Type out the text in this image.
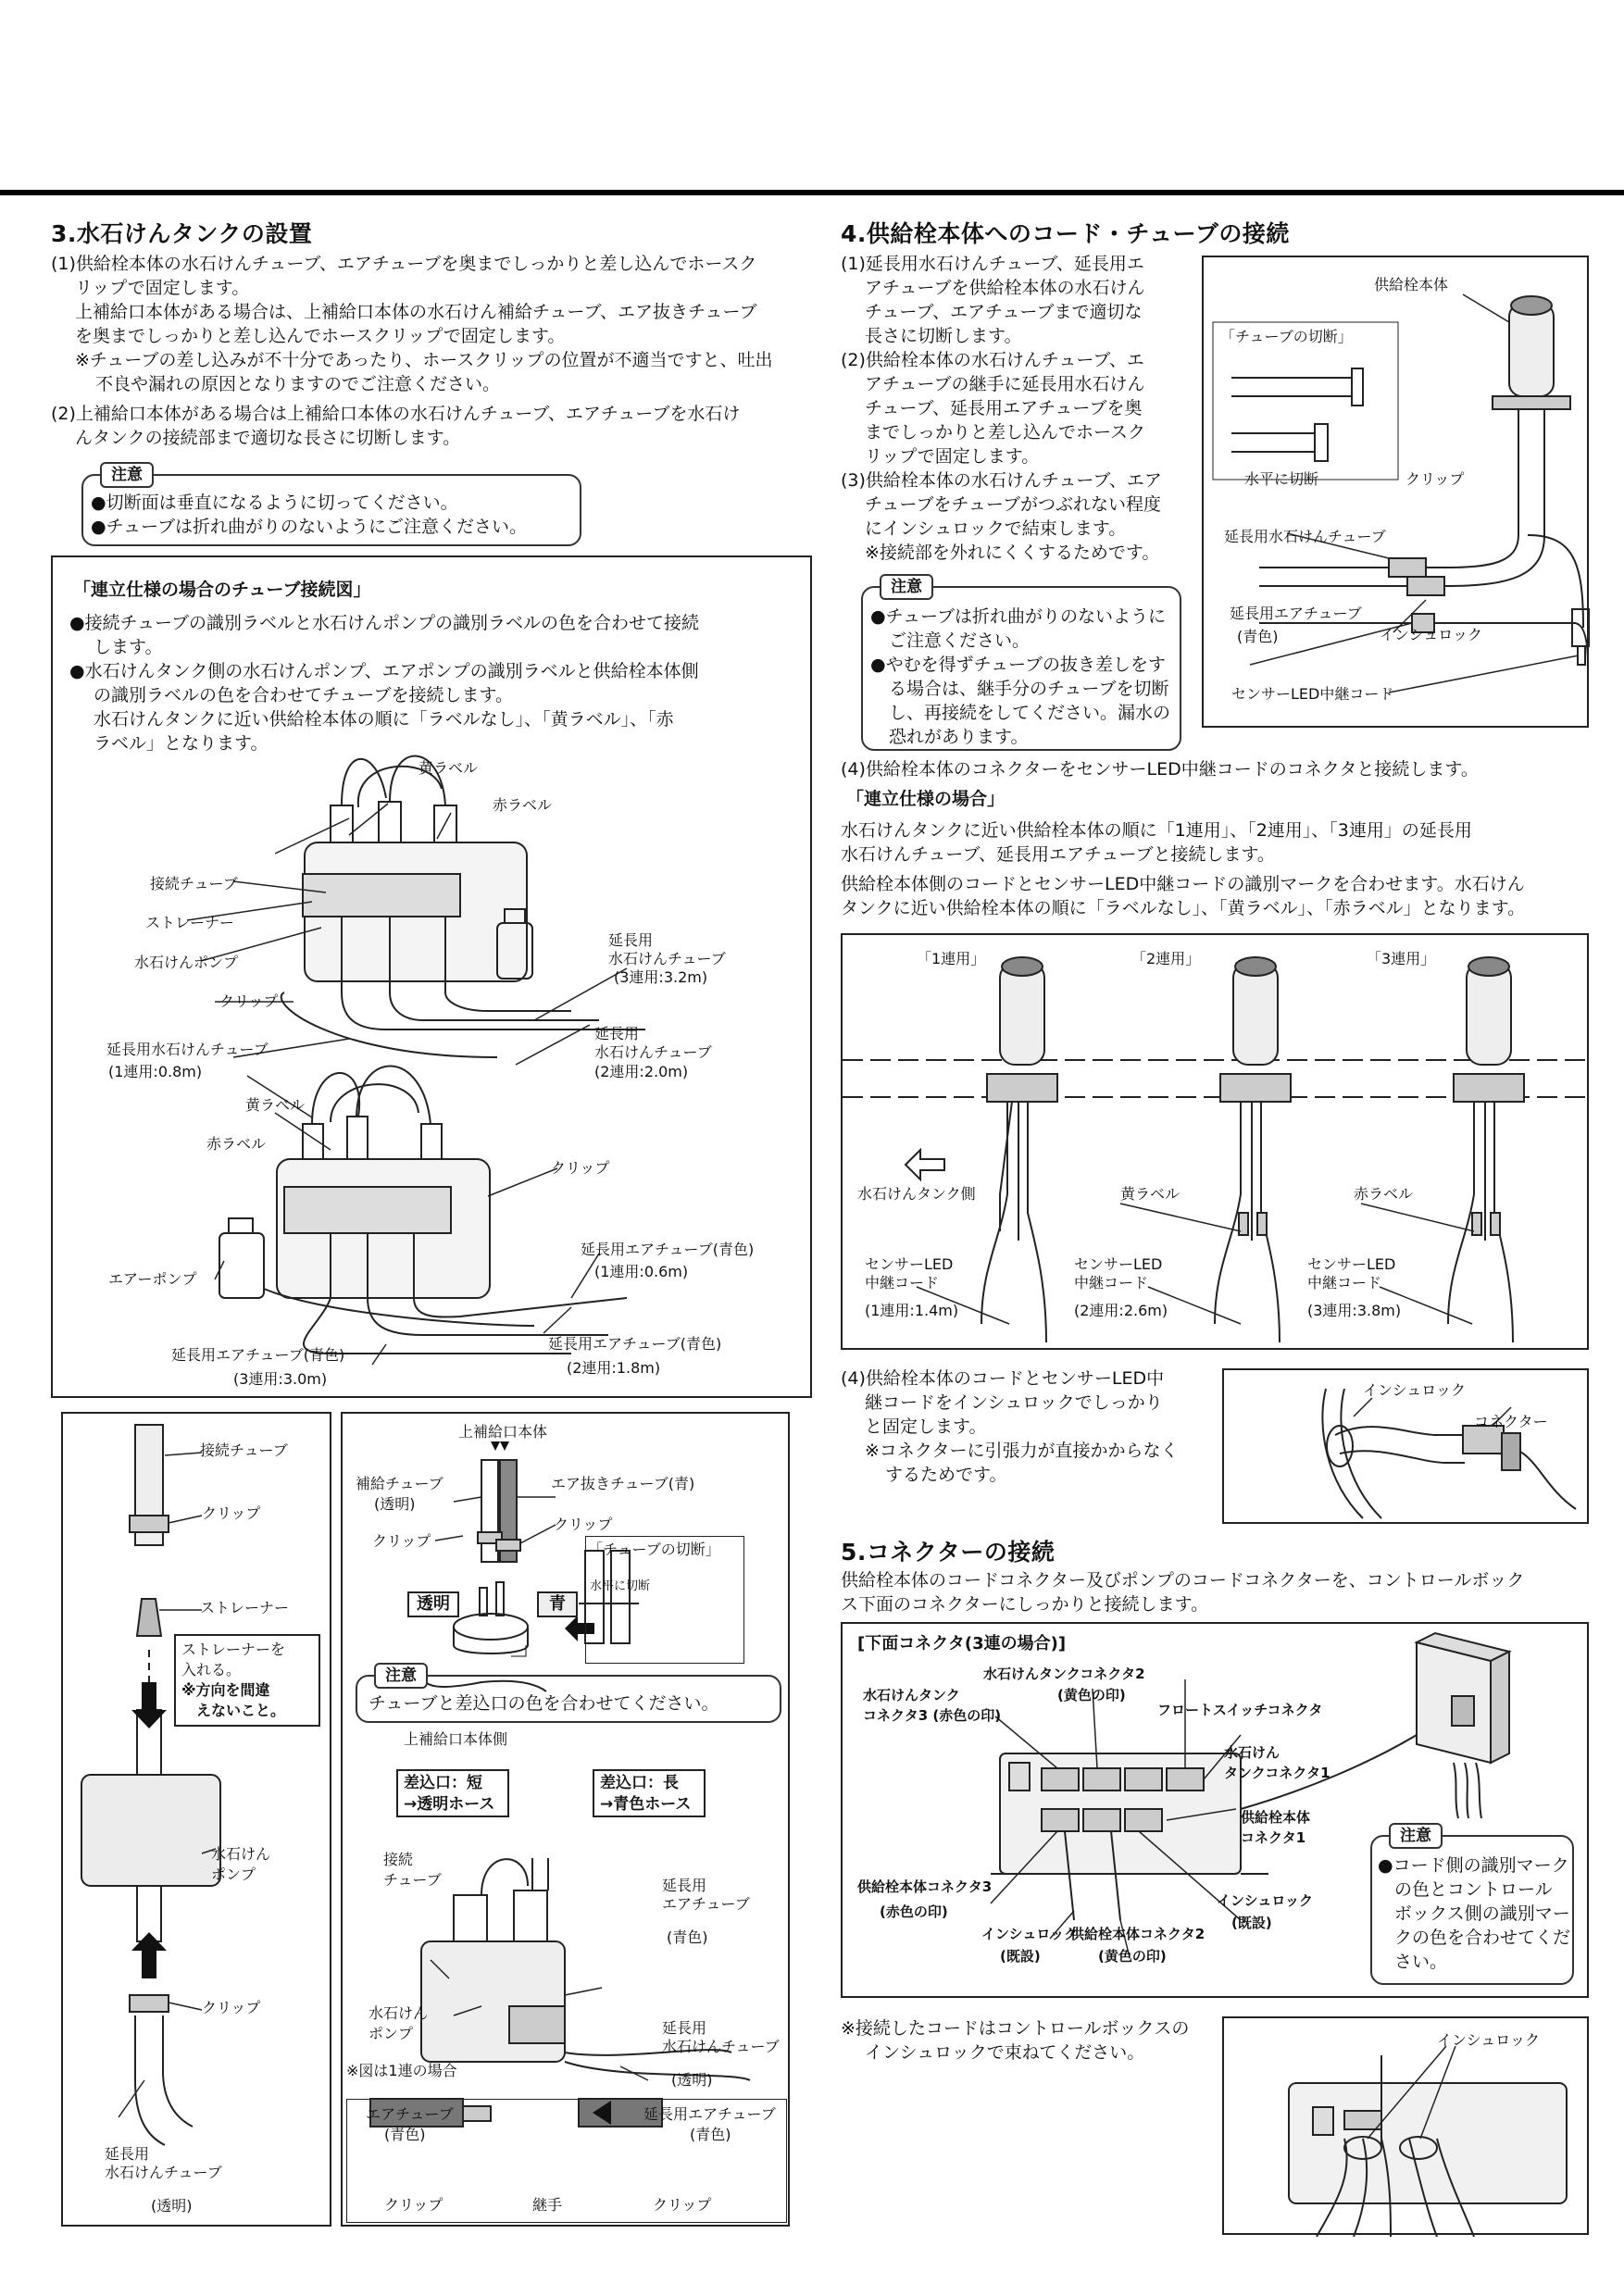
3.水石けんタンクの設置
(1)供給栓本体の水石けんチューブ、エアチューブを奥までしっかりと差し込んでホースク
リップで固定します。
上補給口本体がある場合は、上補給口本体の水石けん補給チューブ、エア抜きチューブ
を奥までしっかりと差し込んでホースクリップで固定します。
※チューブの差し込みが不十分であったり、ホースクリップの位置が不適当ですと、吐出
不良や漏れの原因となりますのでご注意ください。
(2)上補給口本体がある場合は上補給口本体の水石けんチューブ、エアチューブを水石け
んタンクの接続部まで適切な長さに切断します。
注意
●切断面は垂直になるように切ってください。
●チューブは折れ曲がりのないようにご注意ください。
「連立仕様の場合のチューブ接続図」
●接続チューブの識別ラベルと水石けんポンプの識別ラベルの色を合わせて接続
します。
●水石けんタンク側の水石けんポンプ、エアポンプの識別ラベルと供給栓本体側
の識別ラベルの色を合わせてチューブを接続します。
水石けんタンクに近い供給栓本体の順に「ラベルなし」、「黄ラベル」、「赤
ラベル」となります。
黄ラベル
接続チューブ
赤ラベル
ストレーナー
水石けんポンプ
延長用
水石けんチューブ
(3連用:3.2m)
クリップ
延長用水石けんチューブ
(1連用:0.8m)
延長用
水石けんチューブ
(2連用:2.0m)
黄ラベル
赤ラベル
クリップ
エアーポンプ
延長用エアチューブ(青色)
(1連用:0.6m)
延長用エアチューブ(青色)
(2連用:1.8m)
延長用エアチューブ(青色)
(3連用:3.0m)
接続チューブ
クリップ
ストレーナー
ストレーナーを
入れる。
※方向を間違
えないこと。
水石けん
ポンプ
クリップ
延長用
水石けんチューブ
(透明)
上補給口本体
補給チューブ
(透明)
エア抜きチューブ(青)
クリップ
クリップ	「チューブの切断」
水平に切断
透明	青
注意
チューブと差込口の色を合わせてください。
上補給口本体側
差込口：短
→透明ホース
差込口：長
→青色ホース
接続
チューブ	延長用
エアチューブ
(青色)
水石けん
ポンプ
※図は1連の場合
延長用
水石けんチューブ
(透明)
エアチューブ
(青色)
延長用エアチューブ
(青色)
クリップ	継手	クリップ
4.供給栓本体へのコード・チューブの接続
(1)延長用水石けんチューブ、延長用エ
アチューブを供給栓本体の水石けん
チューブ、エアチューブまで適切な
長さに切断します。
(2)供給栓本体の水石けんチューブ、エ
アチューブの継手に延長用水石けん
チューブ、延長用エアチューブを奥
までしっかりと差し込んでホースク
リップで固定します。
(3)供給栓本体の水石けんチューブ、エア
チューブをチューブがつぶれない程度
にインシュロックで結束します。
※接続部を外れにくくするためです。
注意
●チューブは折れ曲がりのないように
ご注意ください。
●やむを得ずチューブの抜き差しをす
る場合は、継手分のチューブを切断
し、再接続をしてください。漏水の
恐れがあります。
供給栓本体
「チューブの切断」
水平に切断	クリップ
延長用水石けんチューブ
延長用エアチューブ
(青色)	インシュロック
センサーLED中継コード
(4)供給栓本体のコネクターをセンサーLED中継コードのコネクタと接続します。
「連立仕様の場合」
水石けんタンクに近い供給栓本体の順に「1連用」、「2連用」、「3連用」の延長用
水石けんチューブ、延長用エアチューブと接続します。
供給栓本体側のコードとセンサーLED中継コードの識別マークを合わせます。水石けん
タンクに近い供給栓本体の順に「ラベルなし」、「黄ラベル」、「赤ラベル」となります。
「1連用」	「2連用」	「3連用」
水石けんタンク側	黄ラベル	赤ラベル
センサーLED
中継コード
(1連用:1.4m)
センサーLED
中継コード
(2連用:2.6m)
センサーLED
中継コード
(3連用:3.8m)
(4)供給栓本体のコードとセンサーLED中
継コードをインシュロックでしっかり
と固定します。
※コネクターに引張力が直接かからなく
するためです。
インシュロック
コネクター
5.コネクターの接続
供給栓本体のコードコネクター及びポンプのコードコネクターを、コントロールボック
ス下面のコネクターにしっかりと接続します。
[下面コネクタ(3連の場合)]
水石けんタンクコネクタ2
(黄色の印)
水石けんタンク
コネクタ3 (赤色の印)	フロートスイッチコネクタ
水石けん
タンクコネクタ1
供給栓本体
コネクタ1
供給栓本体コネクタ3
(赤色の印)
インシュロック
(既設)
供給栓本体コネクタ2
(黄色の印)
インシュロック
(既設)
注意
●コード側の識別マーク
の色とコントロール
ボックス側の識別マー
クの色を合わせてくだ
さい。
※接続したコードはコントロールボックスの
インシュロックで束ねてください。
インシュロック
